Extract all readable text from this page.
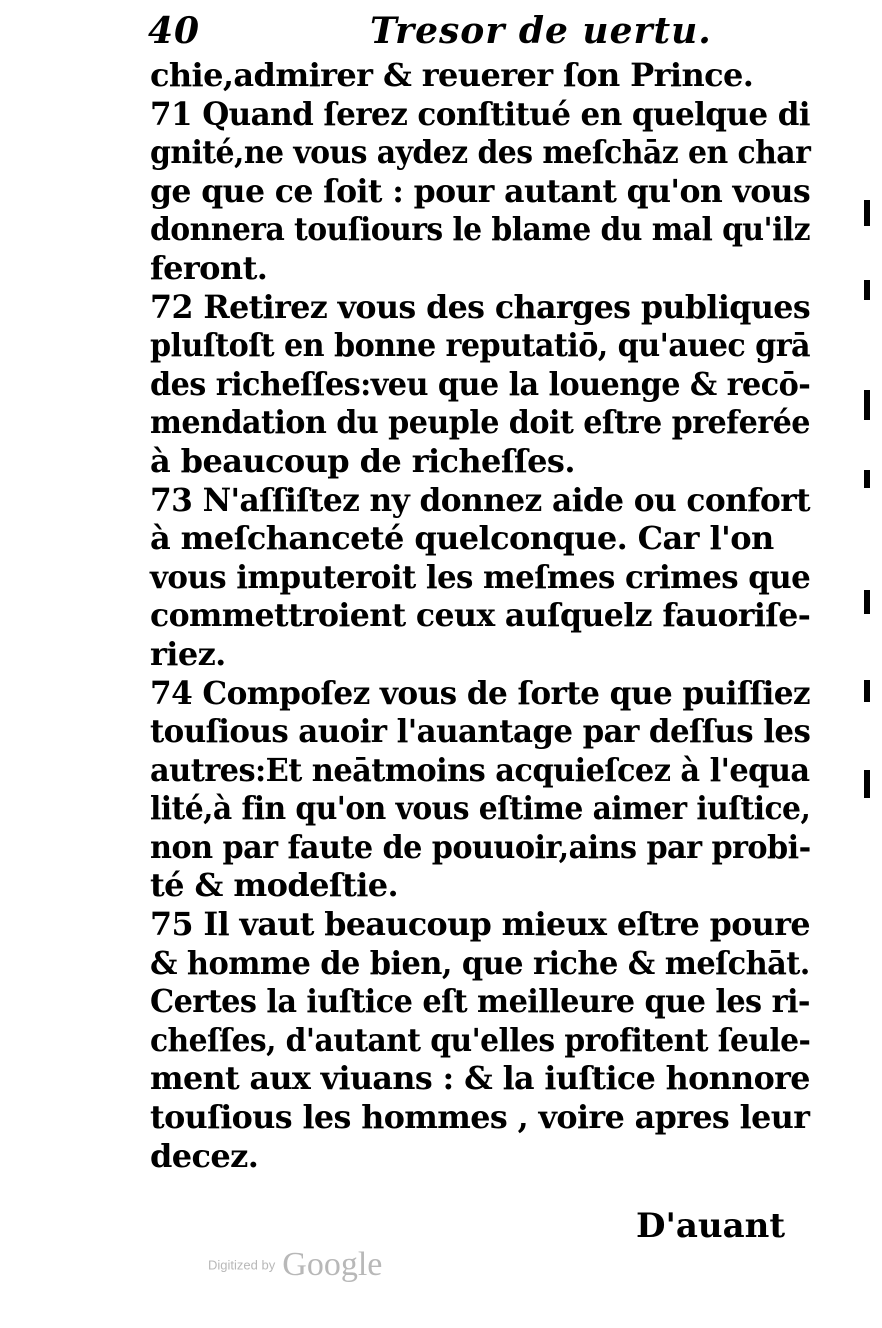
40	Tresor de uertu.
chie,admirer & reuerer ſon Prince.
71 Quand ſerez conſtitué en quelque di
gnité,ne vous aydez des meſchāz en char
ge que ce ſoit : pour autant qu'on vous
donnera touſiours le blame du mal qu'ilz
feront.
72 Retirez vous des charges publiques
pluſtoſt en bonne reputatiō, qu'auec grā
des richeſſes:veu que la louenge & recō-
mendation du peuple doit eſtre preferée
à beaucoup de richeſſes.
73 N'aſſiſtez ny donnez aide ou confort
à meſchanceté quelconque. Car l'on
vous imputeroit les meſmes crimes que
commettroient ceux auſquelz fauoriſe-
riez.
74 Compoſez vous de ſorte que puiſſiez
touſious auoir l'auantage par deſſus les
autres:Et neātmoins acquieſcez à l'equa
lité,à fin qu'on vous eſtime aimer iuſtice,
non par faute de pouuoir,ains par probi-
té & modeſtie.
75 Il vaut beaucoup mieux eſtre poure
& homme de bien, que riche & meſchāt.
Certes la iuſtice eſt meilleure que les ri-
cheſſes, d'autant qu'elles profitent ſeule-
ment aux viuans : & la iuſtice honnore
touſious les hommes , voire apres leur
decez.
D'auant
Digitized by Google
